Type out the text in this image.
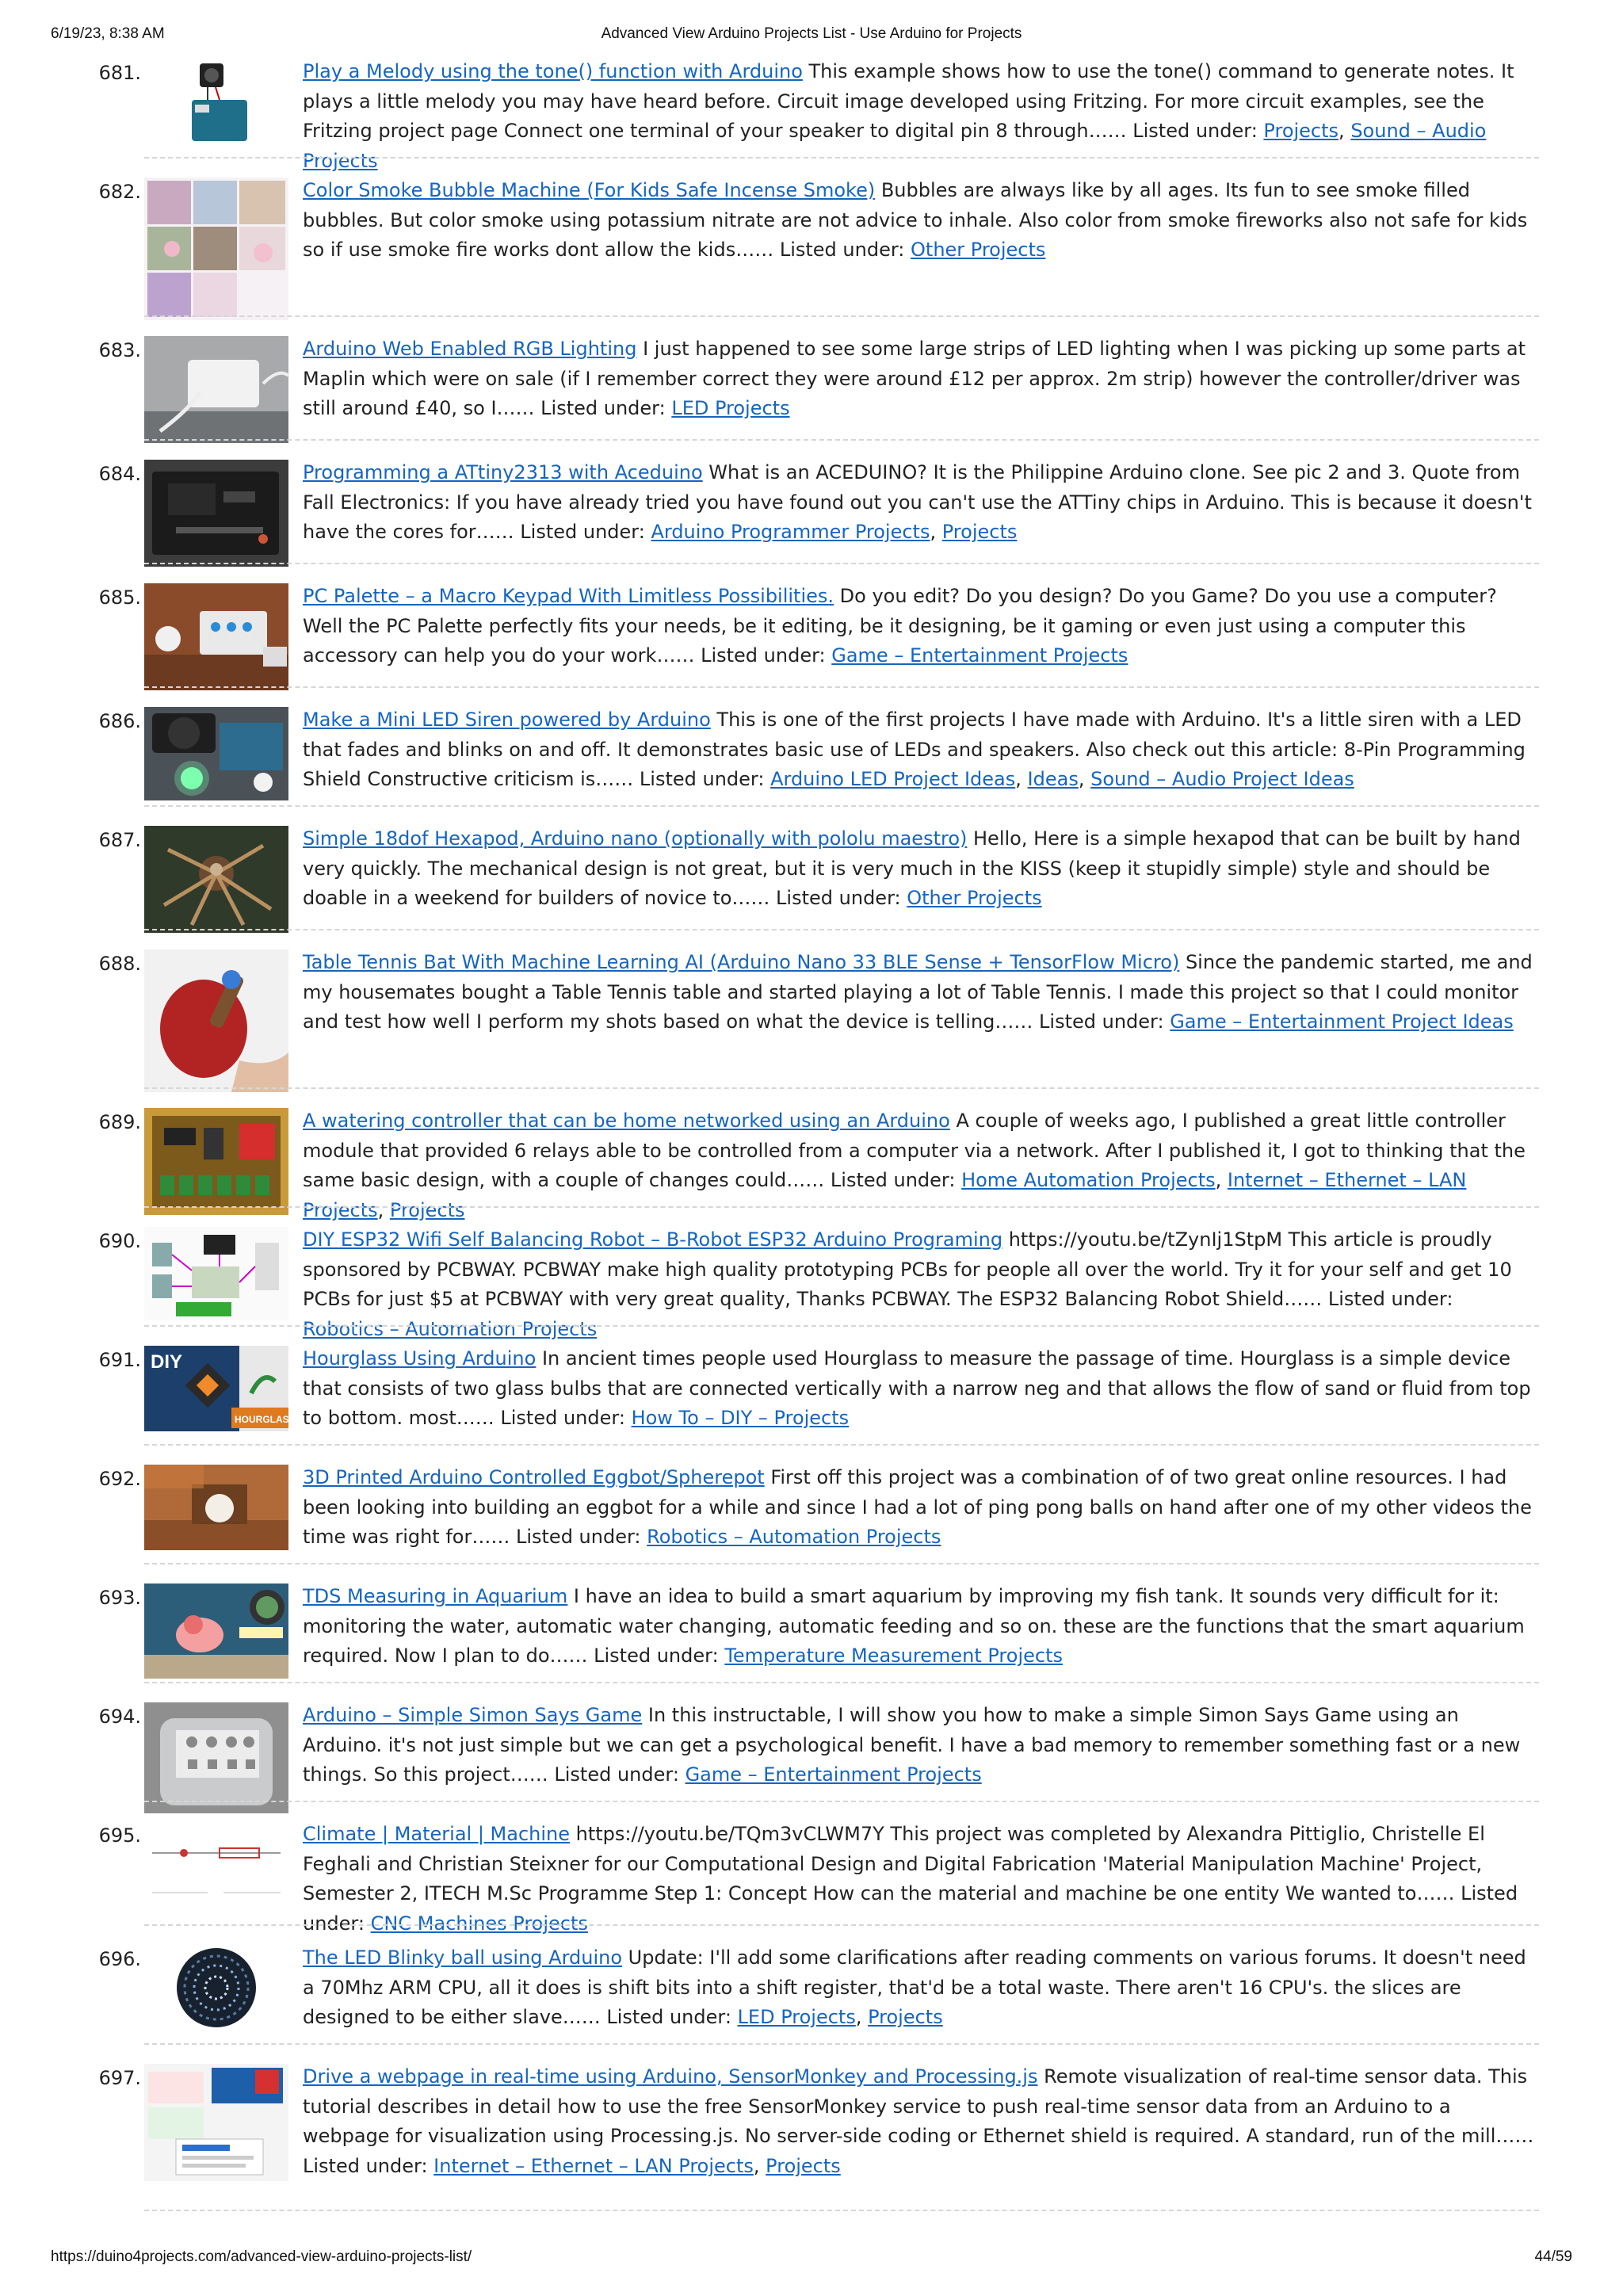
6/19/23, 8:38 AM	Advanced View Arduino Projects List - Use Arduino for Projects
681.	Play a Melody using the tone() function with Arduino This example shows how to use the tone() command to generate notes. It plays a little melody you may have heard before. Circuit image developed using Fritzing. For more circuit examples, see the Fritzing project page Connect one terminal of your speaker to digital pin 8 through…… Listed under: Projects, Sound – Audio Projects
682.	Color Smoke Bubble Machine (For Kids Safe Incense Smoke) Bubbles are always like by all ages. Its fun to see smoke filled bubbles. But color smoke using potassium nitrate are not advice to inhale. Also color from smoke fireworks also not safe for kids so if use smoke fire works dont allow the kids…… Listed under: Other Projects
683.	Arduino Web Enabled RGB Lighting I just happened to see some large strips of LED lighting when I was picking up some parts at Maplin which were on sale (if I remember correct they were around £12 per approx. 2m strip) however the controller/driver was still around £40, so I…… Listed under: LED Projects
684.	Programming a ATtiny2313 with Aceduino What is an ACEDUINO? It is the Philippine Arduino clone. See pic 2 and 3. Quote from Fall Electronics: If you have already tried you have found out you can't use the ATTiny chips in Arduino. This is because it doesn't have the cores for…… Listed under: Arduino Programmer Projects, Projects
685.	PC Palette – a Macro Keypad With Limitless Possibilities. Do you edit? Do you design? Do you Game? Do you use a computer? Well the PC Palette perfectly fits your needs, be it editing, be it designing, be it gaming or even just using a computer this accessory can help you do your work…… Listed under: Game – Entertainment Projects
686.	Make a Mini LED Siren powered by Arduino This is one of the first projects I have made with Arduino. It's a little siren with a LED that fades and blinks on and off. It demonstrates basic use of LEDs and speakers. Also check out this article: 8-Pin Programming Shield Constructive criticism is…… Listed under: Arduino LED Project Ideas, Ideas, Sound – Audio Project Ideas
687.	Simple 18dof Hexapod, Arduino nano (optionally with pololu maestro) Hello, Here is a simple hexapod that can be built by hand very quickly. The mechanical design is not great, but it is very much in the KISS (keep it stupidly simple) style and should be doable in a weekend for builders of novice to…… Listed under: Other Projects
688.	Table Tennis Bat With Machine Learning AI (Arduino Nano 33 BLE Sense + TensorFlow Micro) Since the pandemic started, me and my housemates bought a Table Tennis table and started playing a lot of Table Tennis. I made this project so that I could monitor and test how well I perform my shots based on what the device is telling…… Listed under: Game – Entertainment Project Ideas
689.	A watering controller that can be home networked using an Arduino A couple of weeks ago, I published a great little controller module that provided 6 relays able to be controlled from a computer via a network. After I published it, I got to thinking that the same basic design, with a couple of changes could…… Listed under: Home Automation Projects, Internet – Ethernet – LAN Projects, Projects
690.	DIY ESP32 Wifi Self Balancing Robot – B-Robot ESP32 Arduino Programing https://youtu.be/tZynIj1StpM This article is proudly sponsored by PCBWAY. PCBWAY make high quality prototyping PCBs for people all over the world. Try it for your self and get 10 PCBs for just $5 at PCBWAY with very great quality, Thanks PCBWAY. The ESP32 Balancing Robot Shield…… Listed under: Robotics – Automation Projects
691. DIY
HOURGLASS
Hourglass Using Arduino In ancient times people used Hourglass to measure the passage of time. Hourglass is a simple device that consists of two glass bulbs that are connected vertically with a narrow neg and that allows the flow of sand or fluid from top to bottom. most…… Listed under: How To – DIY – Projects
692.	3D Printed Arduino Controlled Eggbot/Spherepot First off this project was a combination of of two great online resources. I had been looking into building an eggbot for a while and since I had a lot of ping pong balls on hand after one of my other videos the time was right for…… Listed under: Robotics – Automation Projects
693.	TDS Measuring in Aquarium I have an idea to build a smart aquarium by improving my fish tank. It sounds very difficult for it: monitoring the water, automatic water changing, automatic feeding and so on. these are the functions that the smart aquarium required. Now I plan to do…… Listed under: Temperature Measurement Projects
694.	Arduino – Simple Simon Says Game In this instructable, I will show you how to make a simple Simon Says Game using an Arduino. it's not just simple but we can get a psychological benefit. I have a bad memory to remember something fast or a new things. So this project…… Listed under: Game – Entertainment Projects
695.	Climate | Material | Machine https://youtu.be/TQm3vCLWM7Y This project was completed by Alexandra Pittiglio, Christelle El Feghali and Christian Steixner for our Computational Design and Digital Fabrication 'Material Manipulation Machine' Project, Semester 2, ITECH M.Sc Programme Step 1: Concept How can the material and machine be one entity We wanted to…… Listed under: CNC Machines Projects
696.	The LED Blinky ball using Arduino Update: I'll add some clarifications after reading comments on various forums. It doesn't need a 70Mhz ARM CPU, all it does is shift bits into a shift register, that'd be a total waste. There aren't 16 CPU's. the slices are designed to be either slave…… Listed under: LED Projects, Projects
697.	Drive a webpage in real-time using Arduino, SensorMonkey and Processing.js Remote visualization of real-time sensor data. This tutorial describes in detail how to use the free SensorMonkey service to push real-time sensor data from an Arduino to a webpage for visualization using Processing.js. No server-side coding or Ethernet shield is required. A standard, run of the mill…… Listed under: Internet – Ethernet – LAN Projects, Projects
https://duino4projects.com/advanced-view-arduino-projects-list/	44/59
